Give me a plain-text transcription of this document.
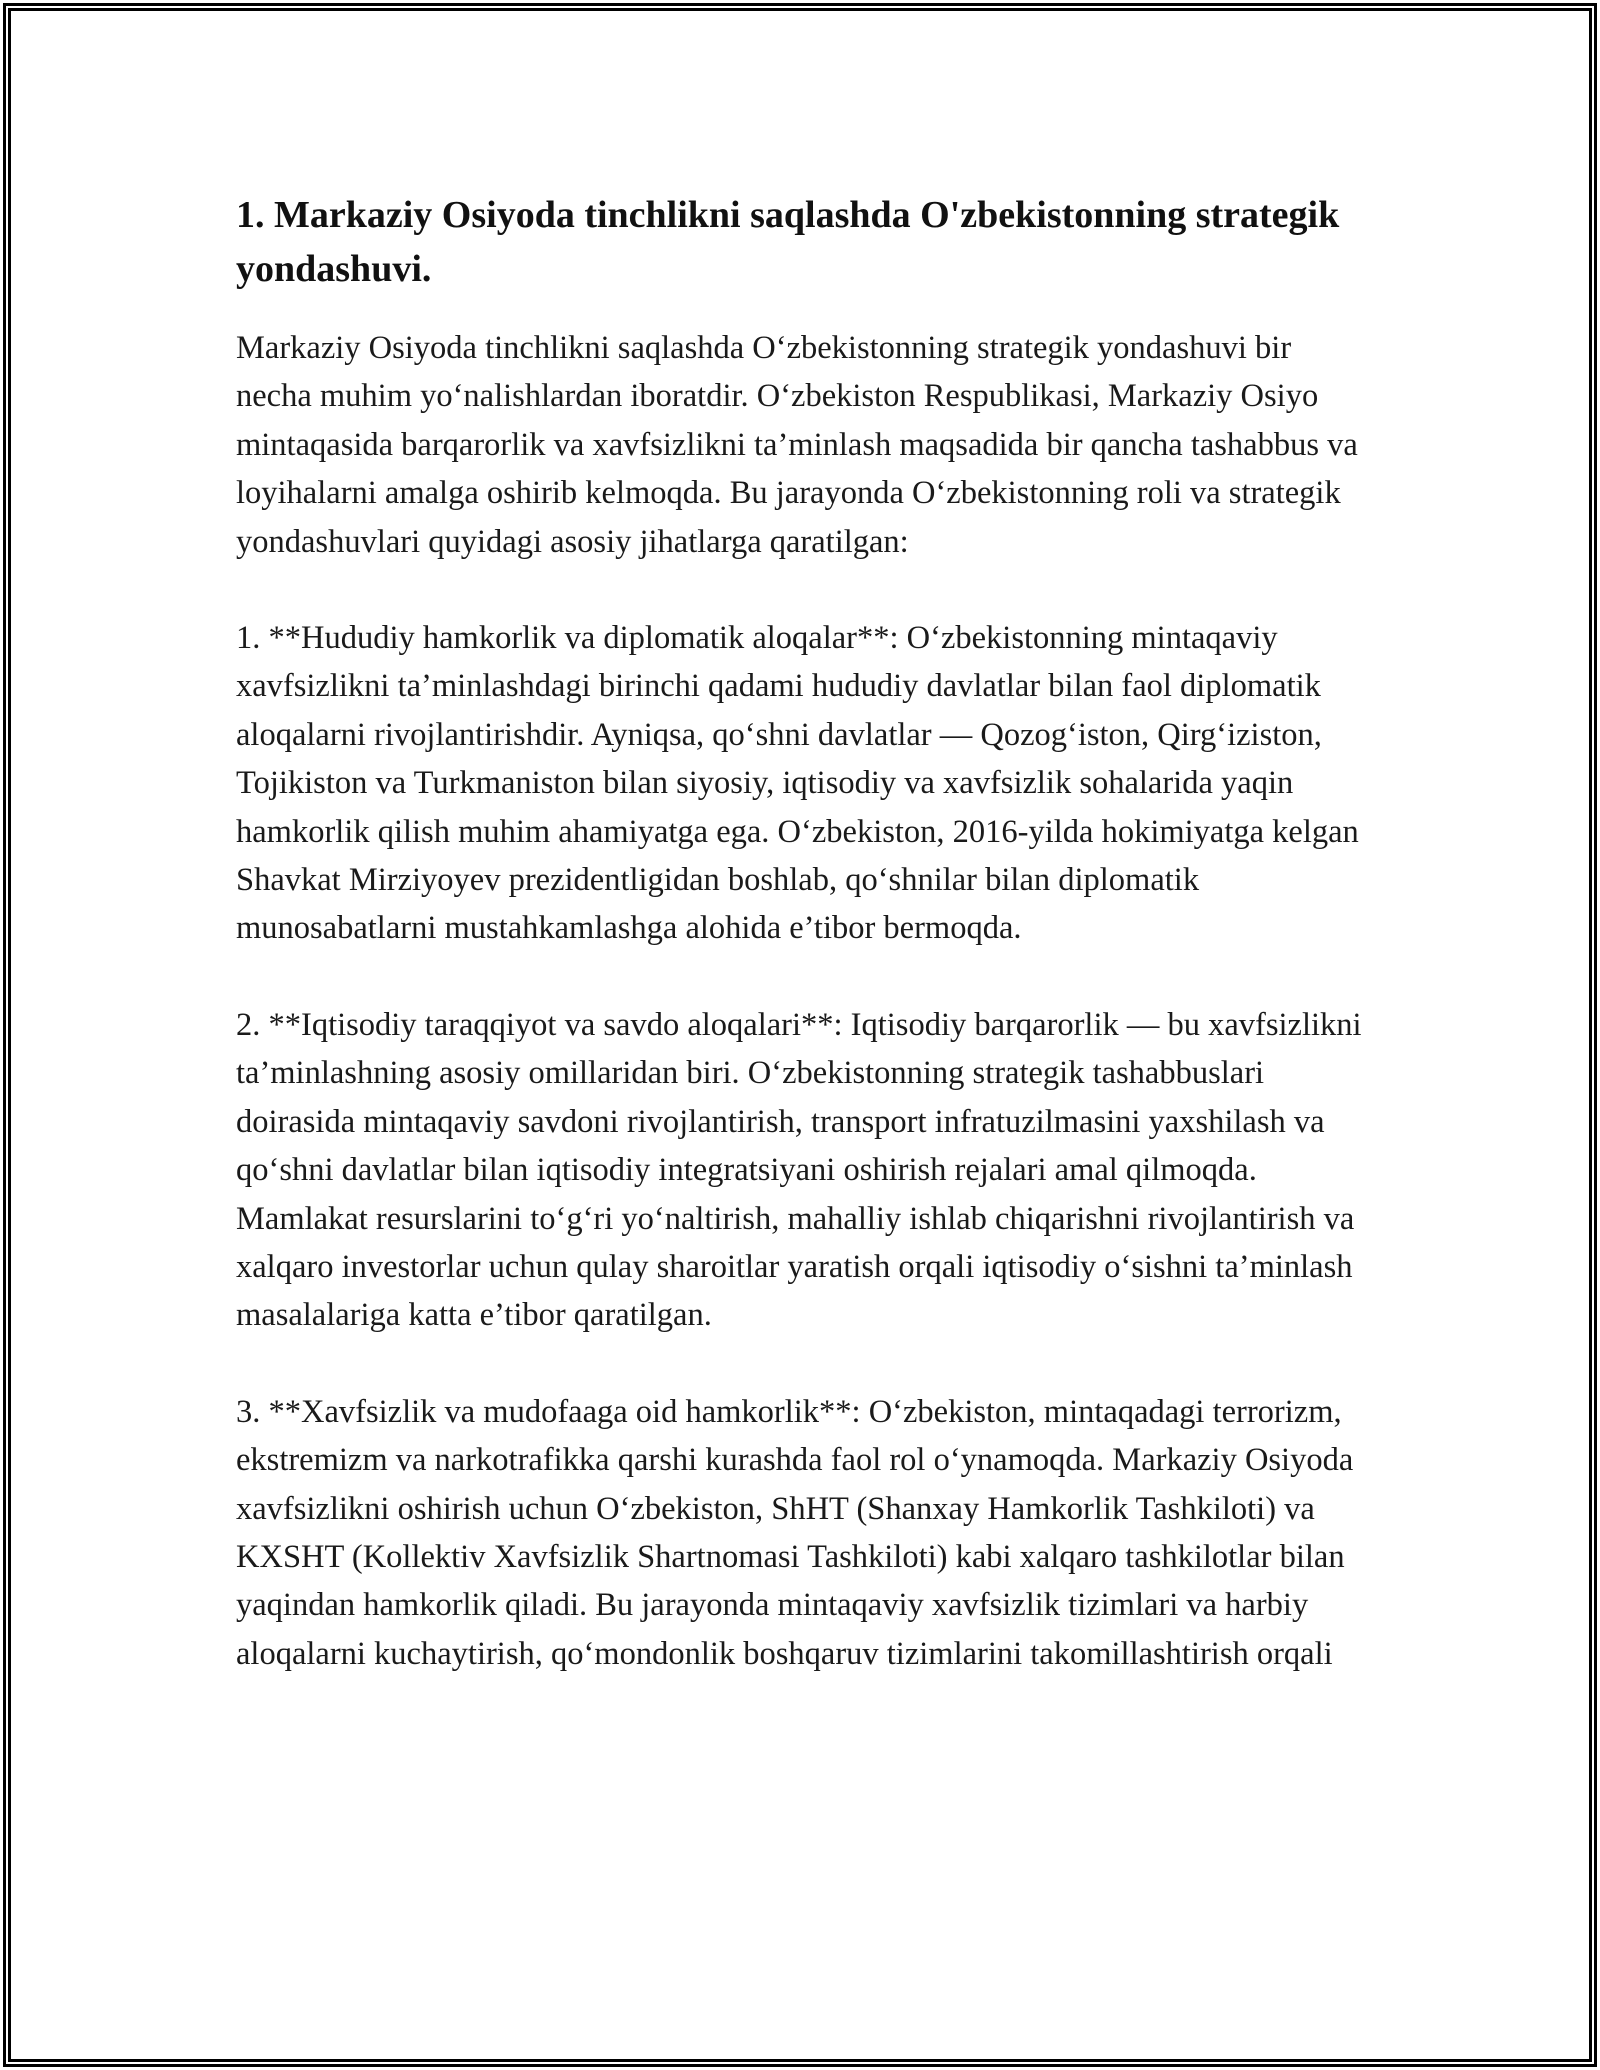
1. Markaziy Osiyoda tinchlikni saqlashda O'zbekistonning strategik yondashuvi.

Markaziy Osiyoda tinchlikni saqlashda O‘zbekistonning strategik yondashuvi bir necha muhim yo‘nalishlardan iboratdir. O‘zbekiston Respublikasi, Markaziy Osiyo mintaqasida barqarorlik va xavfsizlikni ta’minlash maqsadida bir qancha tashabbus va loyihalarni amalga oshirib kelmoqda. Bu jarayonda O‘zbekistonning roli va strategik yondashuvlari quyidagi asosiy jihatlarga qaratilgan:

1. **Hududiy hamkorlik va diplomatik aloqalar**: O‘zbekistonning mintaqaviy xavfsizlikni ta’minlashdagi birinchi qadami hududiy davlatlar bilan faol diplomatik aloqalarni rivojlantirishdir. Ayniqsa, qo‘shni davlatlar — Qozog‘iston, Qirg‘iziston, Tojikiston va Turkmaniston bilan siyosiy, iqtisodiy va xavfsizlik sohalarida yaqin hamkorlik qilish muhim ahamiyatga ega. O‘zbekiston, 2016-yilda hokimiyatga kelgan Shavkat Mirziyoyev prezidentligidan boshlab, qo‘shnilar bilan diplomatik munosabatlarni mustahkamlashga alohida e’tibor bermoqda.

2. **Iqtisodiy taraqqiyot va savdo aloqalari**: Iqtisodiy barqarorlik — bu xavfsizlikni ta’minlashning asosiy omillaridan biri. O‘zbekistonning strategik tashabbuslari doirasida mintaqaviy savdoni rivojlantirish, transport infratuzilmasini yaxshilash va qo‘shni davlatlar bilan iqtisodiy integratsiyani oshirish rejalari amal qilmoqda. Mamlakat resurslarini to‘g‘ri yo‘naltirish, mahalliy ishlab chiqarishni rivojlantirish va xalqaro investorlar uchun qulay sharoitlar yaratish orqali iqtisodiy o‘sishni ta’minlash masalalariga katta e’tibor qaratilgan.

3. **Xavfsizlik va mudofaaga oid hamkorlik**: O‘zbekiston, mintaqadagi terrorizm, ekstremizm va narkotrafikka qarshi kurashda faol rol o‘ynamoqda. Markaziy Osiyoda xavfsizlikni oshirish uchun O‘zbekiston, ShHT (Shanxay Hamkorlik Tashkiloti) va KXSHT (Kollektiv Xavfsizlik Shartnomasi Tashkiloti) kabi xalqaro tashkilotlar bilan yaqindan hamkorlik qiladi. Bu jarayonda mintaqaviy xavfsizlik tizimlari va harbiy aloqalarni kuchaytirish, qo‘mondonlik boshqaruv tizimlarini takomillashtirish orqali
